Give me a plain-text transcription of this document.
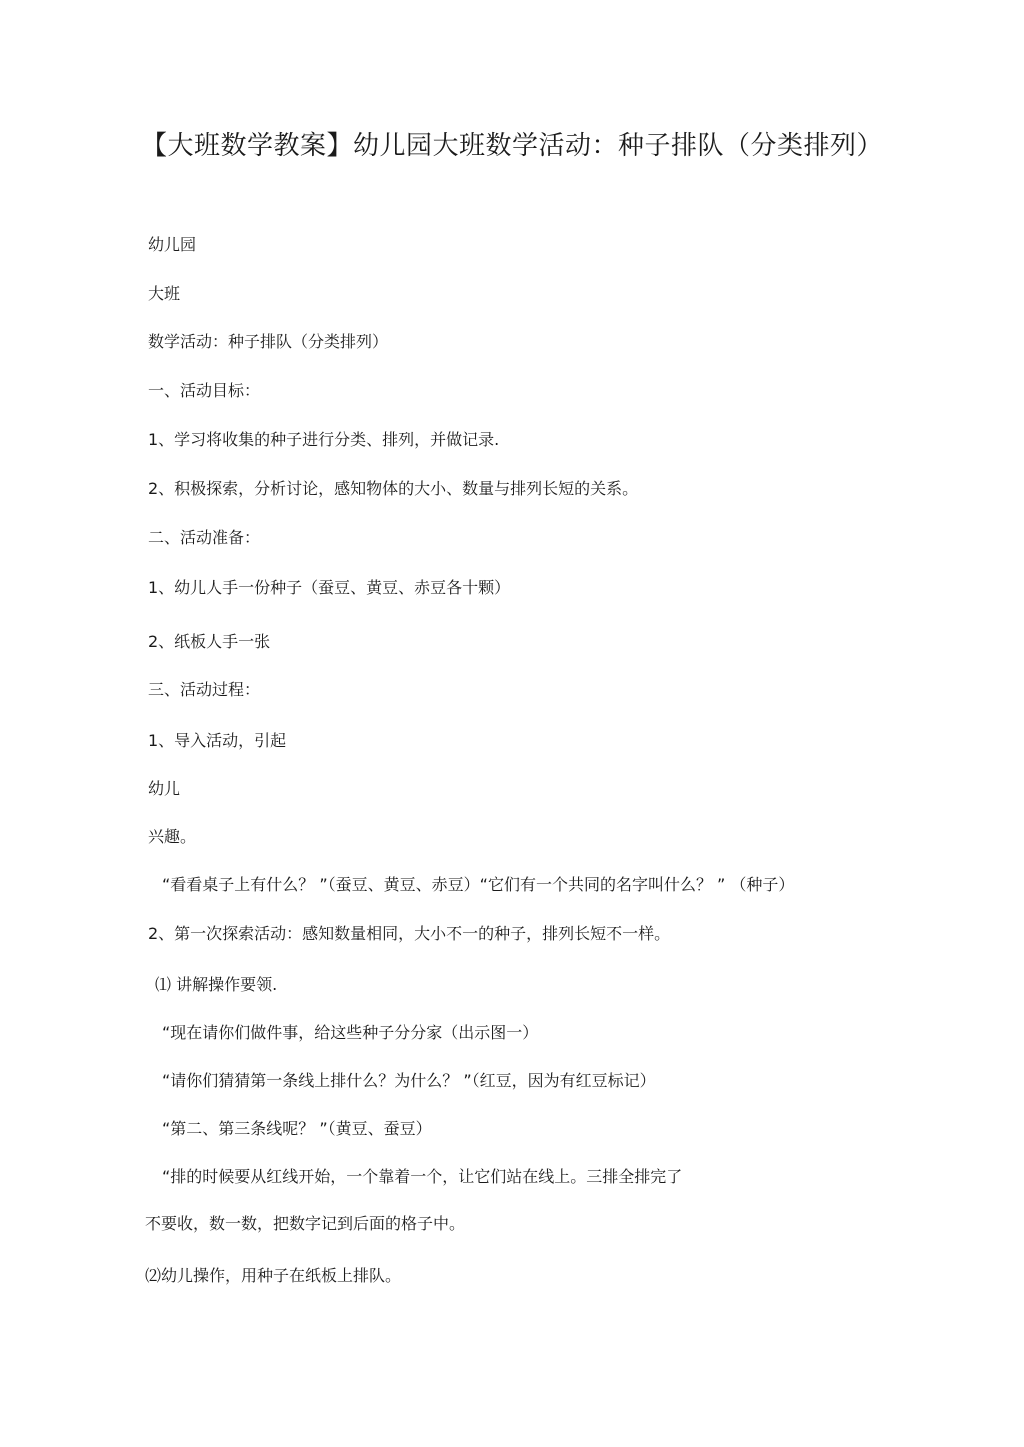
【大班数学教案】幼儿园大班数学活动：种子排队（分类排列）
幼儿园
大班
数学活动：种子排队（分类排列）
一、活动目标：
1、学习将收集的种子进行分类、排列，并做记录.
2、积极探索，分析讨论，感知物体的大小、数量与排列长短的关系。
二、活动准备：
1、幼儿人手一份种子（蚕豆、黄豆、赤豆各十颗）
2、纸板人手一张
三、活动过程：
1、导入活动，引起
幼儿
兴趣。
“看看桌子上有什么？ ”（蚕豆、黄豆、赤豆）“它们有一个共同的名字叫什么？ ” （种子）
2、第一次探索活动：感知数量相同，大小不一的种子，排列长短不一样。
⑴ 讲解操作要领.
“现在请你们做件事，给这些种子分分家（出示图一）
“请你们猜猜第一条线上排什么？为什么？ ”（红豆，因为有红豆标记）
“第二、第三条线呢？ ”（黄豆、蚕豆）
“排的时候要从红线开始，一个靠着一个，让它们站在线上。三排全排完了
不要收，数一数，把数字记到后面的格子中。
⑵幼儿操作，用种子在纸板上排队。
